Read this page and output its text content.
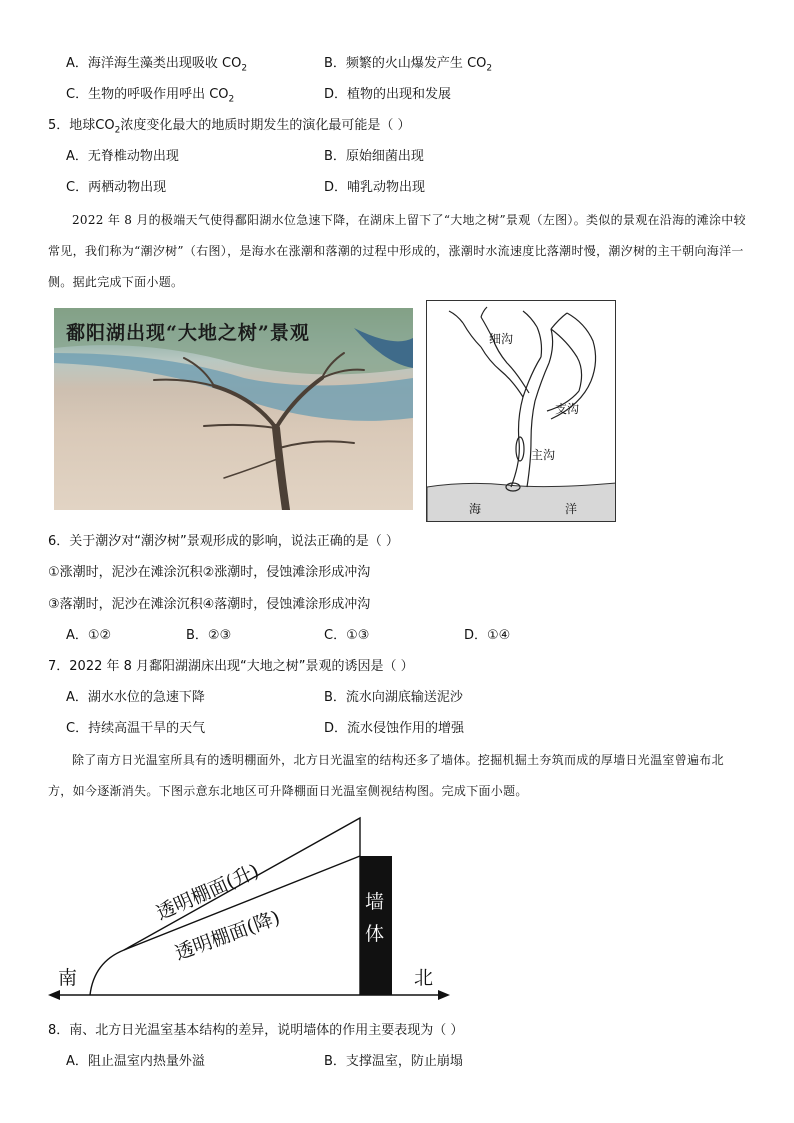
A．海洋海生藻类出现吸收 $CO_2$	B．频繁的火山爆发产生 $CO_2$
C．生物的呼吸作用呼出 $CO_2$	D．植物的出现和发展
5．地球$CO_2$浓度变化最大的地质时期发生的演化最可能是（ ）
A．无脊椎动物出现	B．原始细菌出现
C．两栖动物出现	D．哺乳动物出现
2022 年 8 月的极端天气使得鄱阳湖水位急速下降，在湖床上留下了“大地之树”景观（左图）。类似的景观在沿海的滩涂中较常见，我们称为“潮汐树”（右图），是海水在涨潮和落潮的过程中形成的，涨潮时水流速度比落潮时慢，潮汐树的主干朝向海洋一侧。据此完成下面小题。
鄱阳湖出现“大地之树”景观	细沟
支沟
主沟
海	洋
6．关于潮汐对“潮汐树”景观形成的影响，说法正确的是（ ）
①涨潮时，泥沙在滩涂沉积②涨潮时，侵蚀滩涂形成冲沟
③落潮时，泥沙在滩涂沉积④落潮时，侵蚀滩涂形成冲沟
A．①②	B．②③	C．①③	D．①④
7．2022 年 8 月鄱阳湖湖床出现“大地之树”景观的诱因是（ ）
A．湖水水位的急速下降	B．流水向湖底输送泥沙
C．持续高温干旱的天气	D．流水侵蚀作用的增强
除了南方日光温室所具有的透明棚面外，北方日光温室的结构还多了墙体。挖掘机掘土夯筑而成的厚墙日光温室曾遍布北方，如今逐渐消失。下图示意东北地区可升降棚面日光温室侧视结构图。完成下面小题。
透明棚面(升)
透明棚面(降)
墙
体
南	北
8．南、北方日光温室基本结构的差异，说明墙体的作用主要表现为（ ）
A．阻止温室内热量外溢	B．支撑温室，防止崩塌
